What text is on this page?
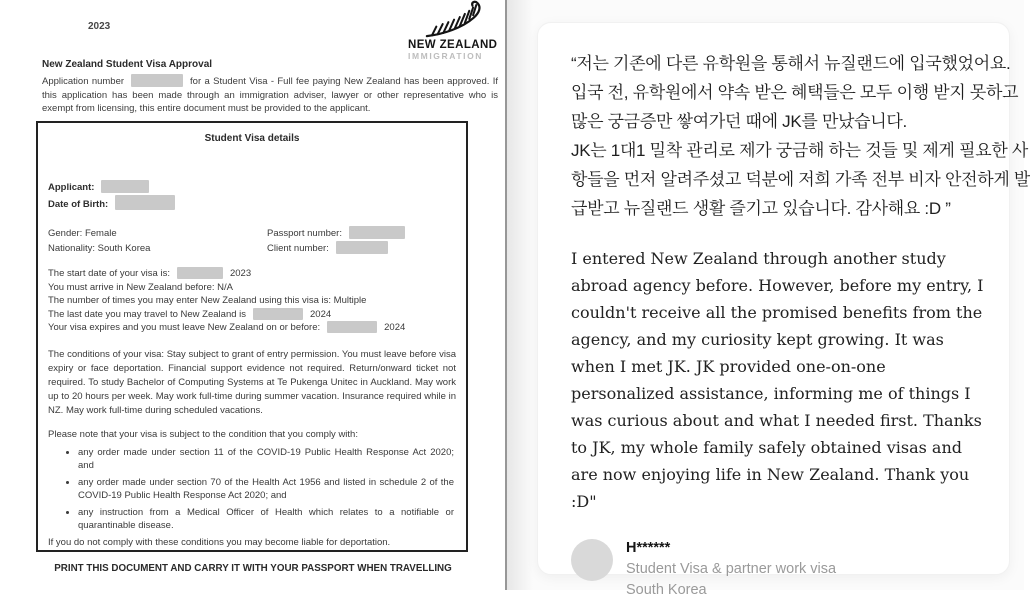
2023
NEW ZEALAND
IMMIGRATION
New Zealand Student Visa Approval
Application number	for a Student Visa - Full fee paying New Zealand has been approved. If this application has been made through an immigration adviser, lawyer or other representative who is exempt from licensing, this entire document must be provided to the applicant.
Student Visa details
Applicant:
Date of Birth:
Gender: Female	Passport number:
Nationality: South Korea	Client number:
The start date of your visa is:	2023
You must arrive in New Zealand before: N/A
The number of times you may enter New Zealand using this visa is: Multiple
The last date you may travel to New Zealand is	2024
Your visa expires and you must leave New Zealand on or before:	2024
The conditions of your visa: Stay subject to grant of entry permission. You must leave before visa expiry or face deportation. Financial support evidence not required. Return/onward ticket not required. To study Bachelor of Computing Systems at Te Pukenga Unitec in Auckland. May work up to 20 hours per week. May work full-time during summer vacation. Insurance required while in NZ. May work full-time during scheduled vacations.
Please note that your visa is subject to the condition that you comply with:
• any order made under section 11 of the COVID-19 Public Health Response Act 2020; and
• any order made under section 70 of the Health Act 1956 and listed in schedule 2 of the COVID-19 Public Health Response Act 2020; and
• any instruction from a Medical Officer of Health which relates to a notifiable or quarantinable disease.
If you do not comply with these conditions you may become liable for deportation.
PRINT THIS DOCUMENT AND CARRY IT WITH YOUR PASSPORT WHEN TRAVELLING
“저는 기존에 다른 유학원을 통해서 뉴질랜드에 입국했었어요.
입국 전, 유학원에서 약속 받은 혜택들은 모두 이행 받지 못하고
많은 궁금증만 쌓여가던 때에 JK를 만났습니다.
JK는 1대1 밀착 관리로 제가 궁금해 하는 것들 및 제게 필요한 사
항들을 먼저 알려주셨고 덕분에 저희 가족 전부 비자 안전하게 발
급받고 뉴질랜드 생활 즐기고 있습니다. 감사해요 :D ”
I entered New Zealand through another study abroad agency before. However, before my entry, I couldn't receive all the promised benefits from the agency, and my curiosity kept growing. It was when I met JK. JK provided one-on-one personalized assistance, informing me of things I was curious about and what I needed first. Thanks to JK, my whole family safely obtained visas and are now enjoying life in New Zealand. Thank you :D"
H******
Student Visa & partner work visa
South Korea
